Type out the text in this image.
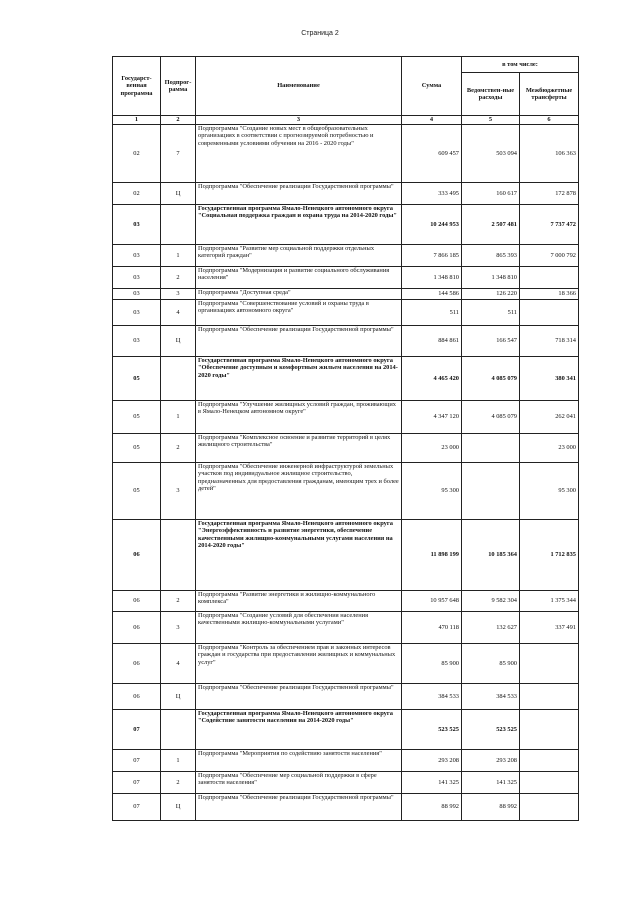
Страница 2
Государст-венная программа	Подпрог-рамма	Наименование	Сумма	в том числе:	
				Ведомствен-ные расходы	Межбюджетные трансферты
1	2	3	4	5	6
02	7	Подпрограмма "Создание новых мест в общеобразовательных организациях в соответствии с прогнозируемой потребностью и современными условиями обучения на 2016 - 2020 годы"	609 457	503 094	106 363
02	Ц	Подпрограмма "Обеспечение реализации Государственной программы"	333 495	160 617	172 878
03		Государственная программа Ямало-Ненецкого автономного округа "Социальная поддержка граждан и охрана труда на 2014-2020 годы"	10 244 953	2 507 481	7 737 472
03	1	Подпрограмма "Развитие мер социальной поддержки отдельных категорий граждан"	7 866 185	865 393	7 000 792
03	2	Подпрограмма "Модернизация и развитие социального обслуживания населения"	1 348 810	1 348 810	
03	3	Подпрограмма "Доступная среда"	144 586	126 220	18 366
03	4	Подпрограмма "Совершенствование условий и охраны труда в организациях автономного округа"	511	511	
03	Ц	Подпрограмма "Обеспечение реализации Государственной программы"	884 861	166 547	718 314
05		Государственная программа Ямало-Ненецкого автономного округа "Обеспечение доступным и комфортным жильем населения на 2014-2020 годы"	4 465 420	4 085 079	380 341
05	1	Подпрограмма "Улучшение жилищных условий граждан, проживающих в Ямало-Ненецком автономном округе"	4 347 120	4 085 079	262 041
05	2	Подпрограмма "Комплексное освоение и развитие территорий в целях жилищного строительства"	23 000		23 000
05	3	Подпрограмма "Обеспечение инженерной инфраструктурой земельных участков под индивидуальное жилищное строительство, предназначенных для предоставления гражданам, имеющим трех и более детей"	95 300		95 300
06		Государственная программа Ямало-Ненецкого автономного округа "Энергоэффективность и развитие энергетики, обеспечение качественными жилищно-коммунальными услугами населения на 2014-2020 годы"	11 898 199	10 185 364	1 712 835
06	2	Подпрограмма "Развитие энергетики и жилищно-коммунального комплекса"	10 957 648	9 582 304	1 375 344
06	3	Подпрограмма "Создание условий для обеспечения населения качественными жилищно-коммунальными услугами"	470 118	132 627	337 491
06	4	Подпрограмма "Контроль за обеспечением прав и законных интересов граждан и государства при предоставлении жилищных и коммунальных услуг"	85 900	85 900	
06	Ц	Подпрограмма "Обеспечение реализации Государственной программы"	384 533	384 533	
07		Государственная программа Ямало-Ненецкого автономного округа "Содействие занятости населения на 2014-2020 годы"	523 525	523 525	
07	1	Подпрограмма "Мероприятия по содействию занятости населения"	293 208	293 208	
07	2	Подпрограмма "Обеспечение мер социальной поддержки в сфере занятости населения"	141 325	141 325	
07	Ц	Подпрограмма "Обеспечение реализации Государственной программы"	88 992	88 992	
